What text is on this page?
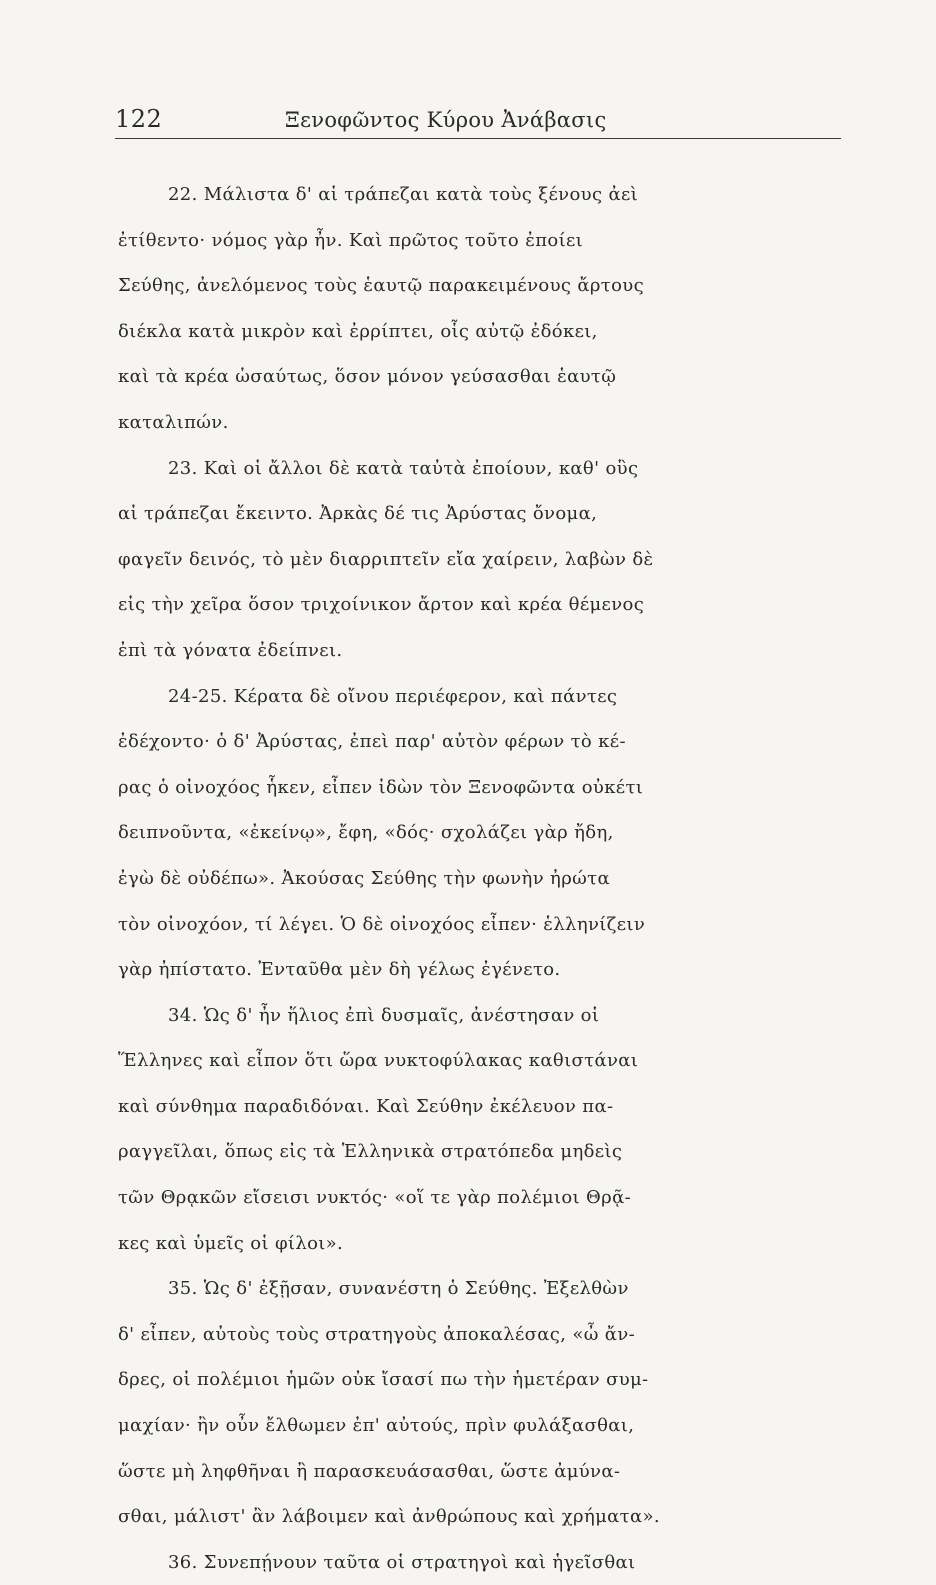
122	Ξενοφῶντος Κύρου Ἀνάβασις
22. Μάλιστα δ' αἱ τράπεζαι κατὰ τοὺς ξένους ἀεὶ
ἐτίθεντο· νόμος γὰρ ἦν. Καὶ πρῶτος τοῦτο ἐποίει
Σεύθης, ἀνελόμενος τοὺς ἑαυτῷ παρακειμένους ἄρτους
διέκλα κατὰ μικρὸν καὶ ἐρρίπτει, οἷς αὐτῷ ἐδόκει,
καὶ τὰ κρέα ὡσαύτως, ὅσον μόνον γεύσασθαι ἑαυτῷ
καταλιπών.
23. Καὶ οἱ ἄλλοι δὲ κατὰ ταὐτὰ ἐποίουν, καθ' οὓς
αἱ τράπεζαι ἔκειντο. Ἀρκὰς δέ τις Ἀρύστας ὄνομα,
φαγεῖν δεινός, τὸ μὲν διαρριπτεῖν εἴα χαίρειν, λαβὼν δὲ
εἰς τὴν χεῖρα ὅσον τριχοίνικον ἄρτον καὶ κρέα θέμενος
ἐπὶ τὰ γόνατα ἐδείπνει.
24-25. Κέρατα δὲ οἴνου περιέφερον, καὶ πάντες
ἐδέχοντο· ὁ δ' Ἀρύστας, ἐπεὶ παρ' αὐτὸν φέρων τὸ κέ-
ρας ὁ οἰνοχόος ἧκεν, εἶπεν ἰδὼν τὸν Ξενοφῶντα οὐκέτι
δειπνοῦντα, «ἐκείνῳ», ἔφη, «δός· σχολάζει γὰρ ἤδη,
ἐγὼ δὲ οὐδέπω». Ἀκούσας Σεύθης τὴν φωνὴν ἠρώτα
τὸν οἰνοχόον, τί λέγει. Ὁ δὲ οἰνοχόος εἶπεν· ἑλληνίζειν
γὰρ ἠπίστατο. Ἐνταῦθα μὲν δὴ γέλως ἐγένετο.
34. Ὡς δ' ἦν ἥλιος ἐπὶ δυσμαῖς, ἀνέστησαν οἱ
Ἕλληνες καὶ εἶπον ὅτι ὥρα νυκτοφύλακας καθιστάναι
καὶ σύνθημα παραδιδόναι. Καὶ Σεύθην ἐκέλευον πα-
ραγγεῖλαι, ὅπως εἰς τὰ Ἑλληνικὰ στρατόπεδα μηδεὶς
τῶν Θρᾳκῶν εἴσεισι νυκτός· «οἵ τε γὰρ πολέμιοι Θρᾷ-
κες καὶ ὑμεῖς οἱ φίλοι».
35. Ὡς δ' ἐξῇσαν, συνανέστη ὁ Σεύθης. Ἐξελθὼν
δ' εἶπεν, αὐτοὺς τοὺς στρατηγοὺς ἀποκαλέσας, «ὦ ἄν-
δρες, οἱ πολέμιοι ἡμῶν οὐκ ἴσασί πω τὴν ἡμετέραν συμ-
μαχίαν· ἢν οὖν ἔλθωμεν ἐπ' αὐτούς, πρὶν φυλάξασθαι,
ὥστε μὴ ληφθῆναι ἢ παρασκευάσασθαι, ὥστε ἀμύνα-
σθαι, μάλιστ' ἂν λάβοιμεν καὶ ἀνθρώπους καὶ χρήματα».
36. Συνεπῄνουν ταῦτα οἱ στρατηγοὶ καὶ ἡγεῖσθαι
